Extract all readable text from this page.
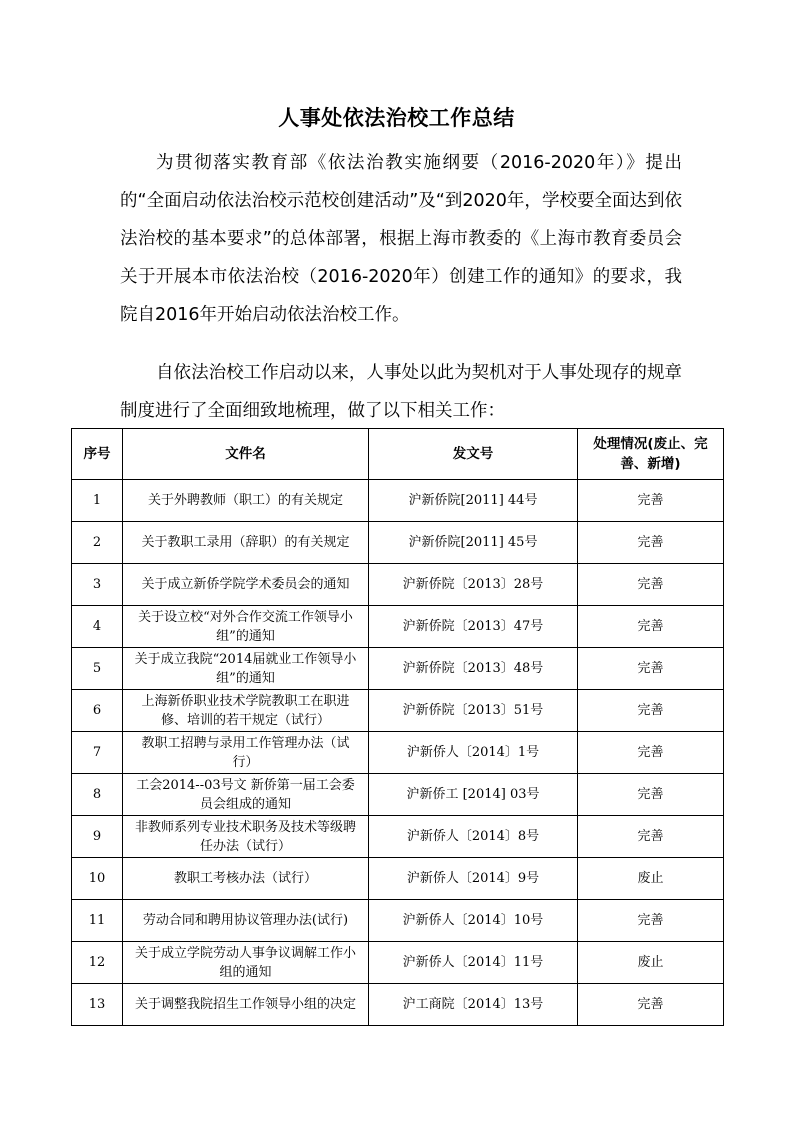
人事处依法治校工作总结

为贯彻落实教育部《依法治教实施纲要（2016-2020年）》提出的“全面启动依法治校示范校创建活动”及“到2020年，学校要全面达到依法治校的基本要求”的总体部署，根据上海市教委的《上海市教育委员会关于开展本市依法治校（2016-2020年）创建工作的通知》的要求，我院自2016年开始启动依法治校工作。

自依法治校工作启动以来，人事处以此为契机对于人事处现存的规章制度进行了全面细致地梳理，做了以下相关工作：

序号	文件名	发文号	处理情况(废止、完善、新增)
1	关于外聘教师（职工）的有关规定	沪新侨院[2011] 44号	完善
2	关于教职工录用（辞职）的有关规定	沪新侨院[2011] 45号	完善
3	关于成立新侨学院学术委员会的通知	沪新侨院〔2013〕28号	完善
4	关于设立校“对外合作交流工作领导小组”的通知	沪新侨院〔2013〕47号	完善
5	关于成立我院“2014届就业工作领导小组”的通知	沪新侨院〔2013〕48号	完善
6	上海新侨职业技术学院教职工在职进修、培训的若干规定（试行）	沪新侨院〔2013〕51号	完善
7	教职工招聘与录用工作管理办法（试行）	沪新侨人〔2014〕1号	完善
8	工会2014--03号文 新侨第一届工会委员会组成的通知	沪新侨工 [2014] 03号	完善
9	非教师系列专业技术职务及技术等级聘任办法（试行）	沪新侨人〔2014〕8号	完善
10	教职工考核办法（试行）	沪新侨人〔2014〕9号	废止
11	劳动合同和聘用协议管理办法(试行)	沪新侨人〔2014〕10号	完善
12	关于成立学院劳动人事争议调解工作小组的通知	沪新侨人〔2014〕11号	废止
13	关于调整我院招生工作领导小组的决定	沪工商院〔2014〕13号	完善
